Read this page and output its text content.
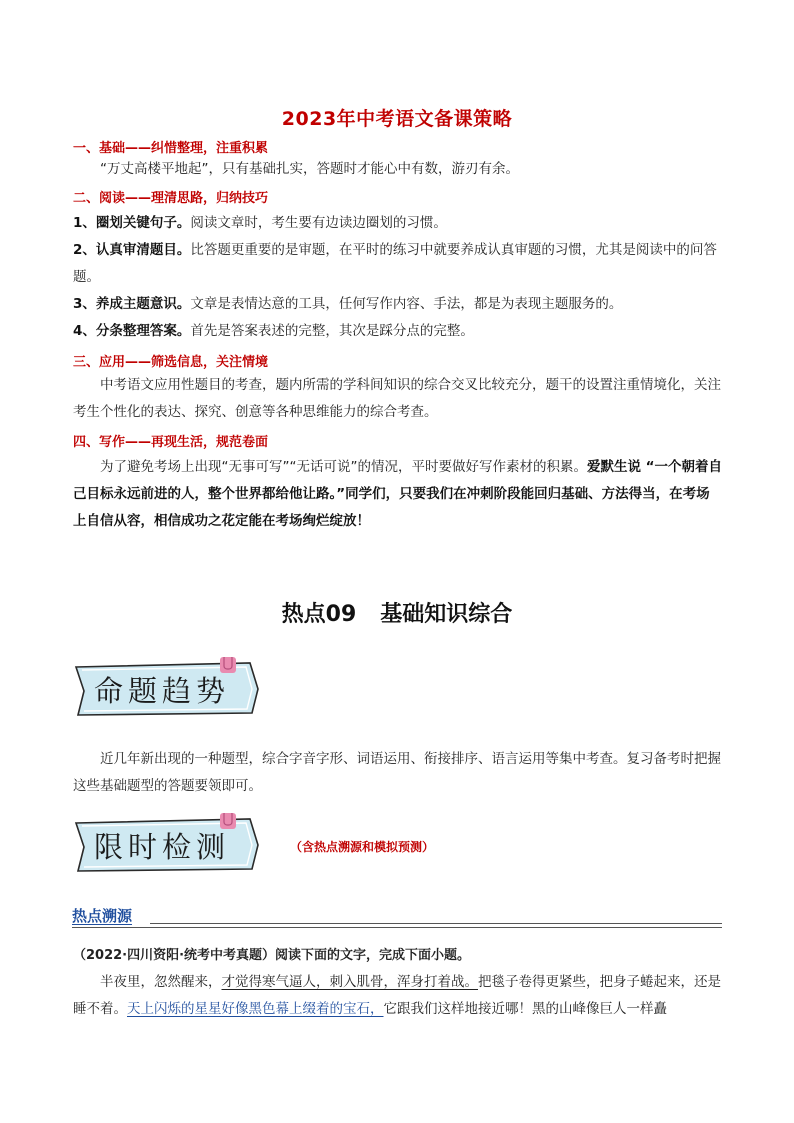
2023年中考语文备课策略
一、基础——纠惜整理，注重积累
“万丈高楼平地起”，只有基础扎实，答题时才能心中有数，游刃有余。
二、阅读——理清思路，归纳技巧
1、圈划关键句子。阅读文章时，考生要有边读边圈划的习惯。
2、认真审清题目。比答题更重要的是审题，在平时的练习中就要养成认真审题的习惯，尤其是阅读中的问答题。
3、养成主题意识。文章是表情达意的工具，任何写作内容、手法，都是为表现主题服务的。
4、分条整理答案。首先是答案表述的完整，其次是踩分点的完整。
三、应用——筛选信息，关注情境
中考语文应用性题目的考查，题内所需的学科间知识的综合交叉比较充分，题干的设置注重情境化，关注考生个性化的表达、探究、创意等各种思维能力的综合考查。
四、写作——再现生活，规范卷面
为了避免考场上出现“无事可写”“无话可说”的情况，平时要做好写作素材的积累。爱默生说 “一个朝着自己目标永远前进的人，整个世界都给他让路。”同学们，只要我们在冲刺阶段能回归基础、方法得当，在考场上自信从容，相信成功之花定能在考场绚烂绽放！
热点09 基础知识综合
命题趋势
近几年新出现的一种题型，综合字音字形、词语运用、衔接排序、语言运用等集中考查。复习备考时把握这些基础题型的答题要领即可。
限时检测	（含热点溯源和模拟预测）
热点溯源
（2022·四川资阳·统考中考真题）阅读下面的文字，完成下面小题。
半夜里，忽然醒来，才觉得寒气逼人，刺入肌骨，浑身打着战。把毯子卷得更紧些，把身子蜷起来，还是睡不着。天上闪烁的星星好像黑色幕上缀着的宝石，它跟我们这样地接近哪！黑的山峰像巨人一样矗
